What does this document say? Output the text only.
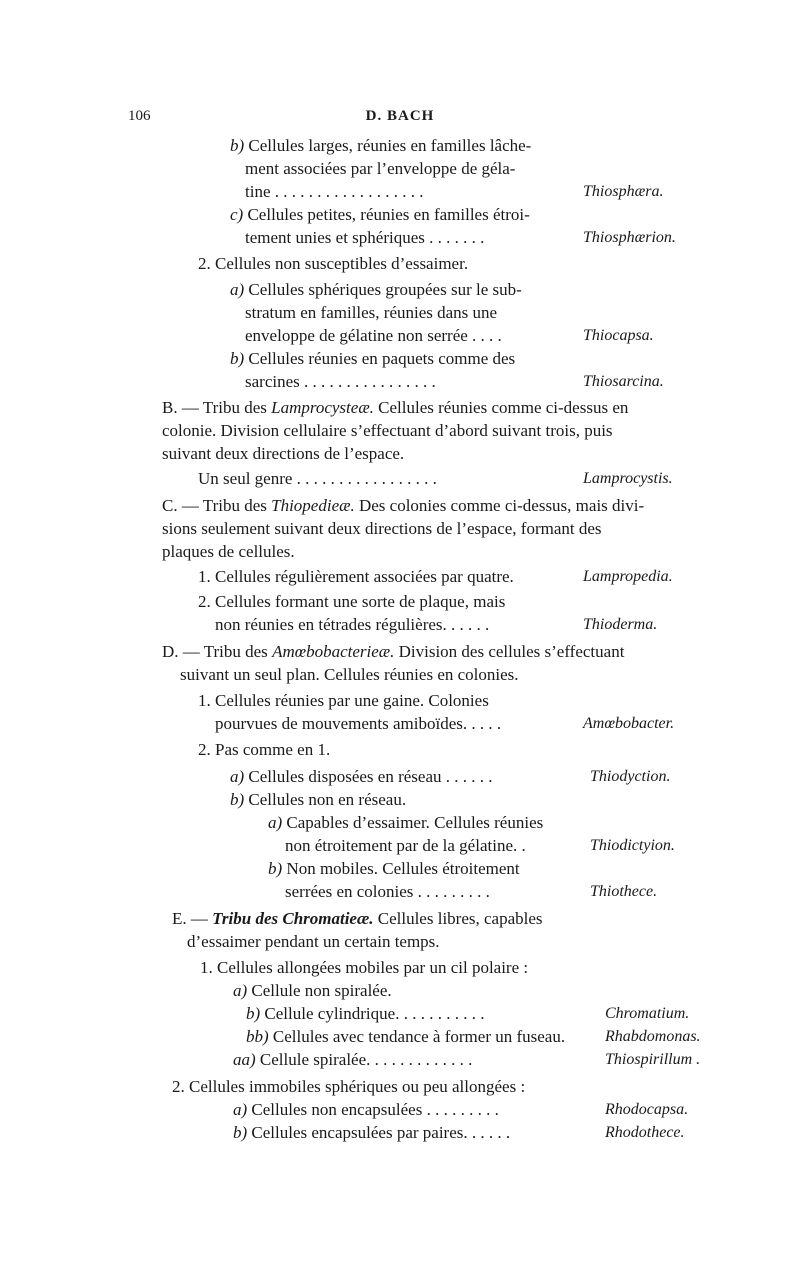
106	D. BACH
b) Cellules larges, réunies en familles lâche-
ment associées par l’enveloppe de géla-
tine . . . . . . . . . . . . . . . . . .
c) Cellules petites, réunies en familles étroi-
tement unies et sphériques . . . . . . .
2. Cellules non susceptibles d’essaimer.
a) Cellules sphériques groupées sur le sub-
stratum en familles, réunies dans une
enveloppe de gélatine non serrée . . . .
b) Cellules réunies en paquets comme des
sarcines . . . . . . . . . . . . . . . .
B. — Tribu des Lamprocysteæ. Cellules réunies comme ci-dessus en
colonie. Division cellulaire s’effectuant d’abord suivant trois, puis
suivant deux directions de l’espace.
Un seul genre . . . . . . . . . . . . . . . . .
C. — Tribu des Thiopedieæ. Des colonies comme ci-dessus, mais divi-
sions seulement suivant deux directions de l’espace, formant des
plaques de cellules.
1. Cellules régulièrement associées par quatre.
2. Cellules formant une sorte de plaque, mais
non réunies en tétrades régulières. . . . . .
D. — Tribu des Amœbobacterieæ. Division des cellules s’effectuant
suivant un seul plan. Cellules réunies en colonies.
1. Cellules réunies par une gaine. Colonies
pourvues de mouvements amiboïdes. . . . .
2. Pas comme en 1.
a) Cellules disposées en réseau . . . . . .
b) Cellules non en réseau.
a) Capables d’essaimer. Cellules réunies
non étroitement par de la gélatine. .
b) Non mobiles. Cellules étroitement
serrées en colonies . . . . . . . . .
E. — Tribu des Chromatieæ. Cellules libres, capables
d’essaimer pendant un certain temps.
1. Cellules allongées mobiles par un cil polaire :
a) Cellule non spiralée.
b) Cellule cylindrique. . . . . . . . . . .
bb) Cellules avec tendance à former un fuseau.
aa) Cellule spiralée. . . . . . . . . . . . .
2. Cellules immobiles sphériques ou peu allongées :
a) Cellules non encapsulées . . . . . . . . .
b) Cellules encapsulées par paires. . . . . .
Thiosphæra.
Thiosphærion.
Thiocapsa.
Thiosarcina.
Lamprocystis.
Lampropedia.
Thioderma.
Amœbobacter.
Thiodyction.
Thiodictyion.
Thiothece.
Chromatium.
Rhabdomonas.
Thiospirillum .
Rhodocapsa.
Rhodothece.
